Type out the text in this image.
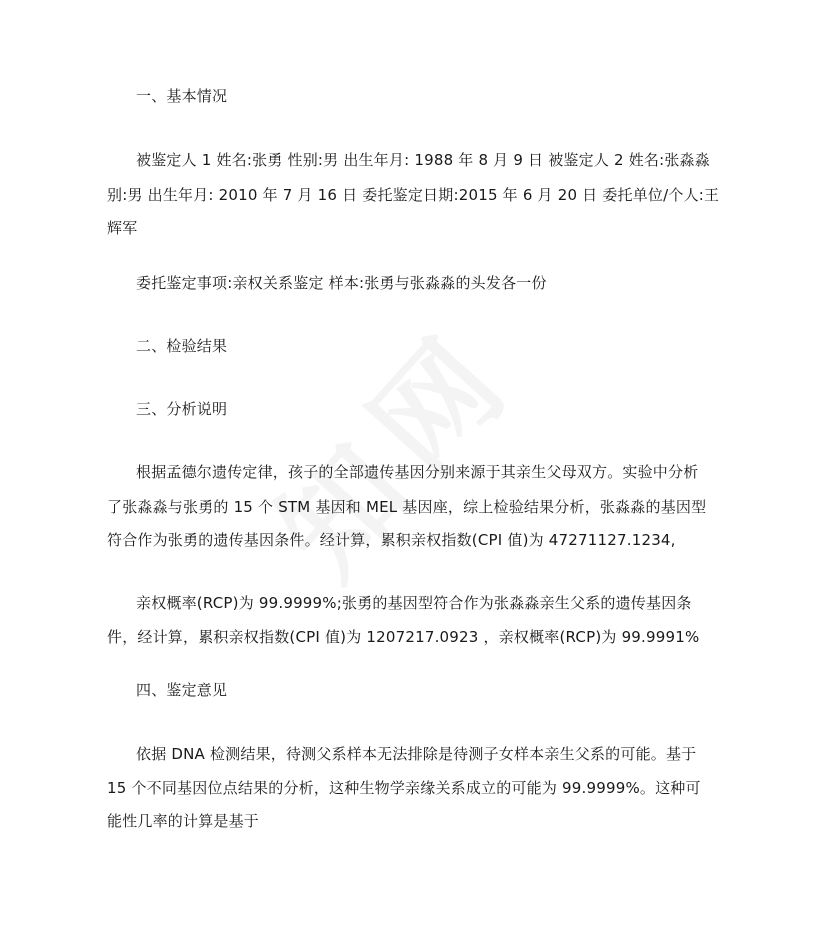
一、基本情况
被鉴定人 1 姓名:张勇 性别:男 出生年月: 1988 年 8 月 9 日 被鉴定人 2 姓名:张淼淼
别:男 出生年月: 2010 年 7 月 16 日 委托鉴定日期:2015 年 6 月 20 日 委托单位/个人:王
辉军
委托鉴定事项:亲权关系鉴定 样本:张勇与张淼淼的头发各一份
二、检验结果
三、分析说明
根据孟德尔遗传定律，孩子的全部遗传基因分别来源于其亲生父母双方。实验中分析
了张淼淼与张勇的 15 个 STM 基因和 MEL 基因座，综上检验结果分析，张淼淼的基因型
符合作为张勇的遗传基因条件。经计算，累积亲权指数(CPI 值)为 47271127.1234,
亲权概率(RCP)为 99.9999%;张勇的基因型符合作为张淼淼亲生父系的遗传基因条
件，经计算，累积亲权指数(CPI 值)为 1207217.0923 ，亲权概率(RCP)为 99.9991%
四、鉴定意见
依据 DNA 检测结果，待测父系样本无法排除是待测子女样本亲生父系的可能。基于
15 个不同基因位点结果的分析，这种生物学亲缘关系成立的可能为 99.9999%。这种可
能性几率的计算是基于
